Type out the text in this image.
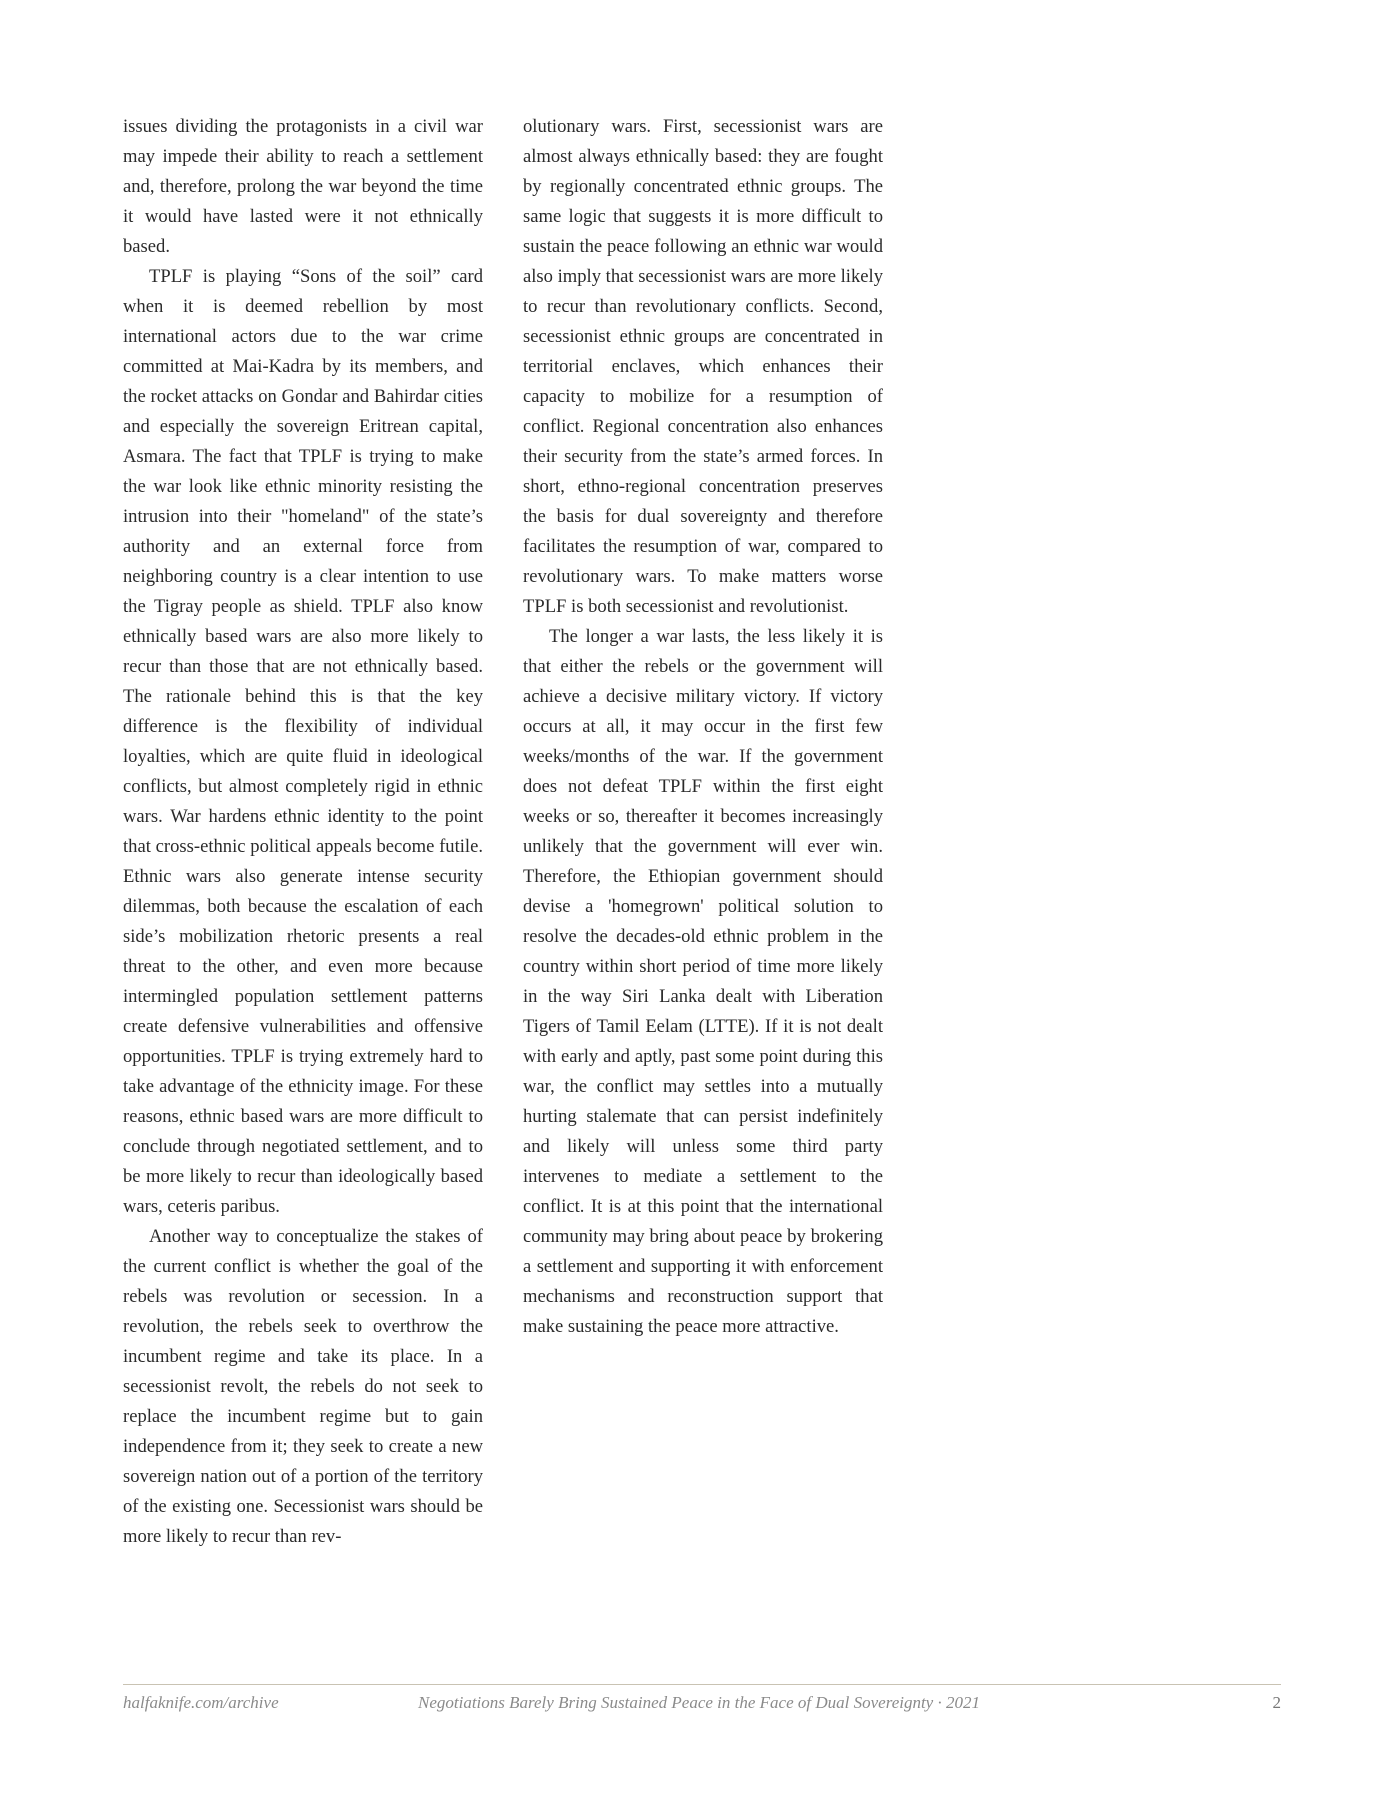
issues dividing the protagonists in a civil war may impede their ability to reach a settlement and, therefore, prolong the war beyond the time it would have lasted were it not ethnically based.

TPLF is playing “Sons of the soil” card when it is deemed rebellion by most international actors due to the war crime committed at Mai-Kadra by its members, and the rocket attacks on Gondar and Bahirdar cities and especially the sovereign Eritrean capital, Asmara. The fact that TPLF is trying to make the war look like ethnic minority resisting the intrusion into their "homeland" of the state’s authority and an external force from neighboring country is a clear intention to use the Tigray people as shield. TPLF also know ethnically based wars are also more likely to recur than those that are not ethnically based. The rationale behind this is that the key difference is the flexibility of individual loyalties, which are quite fluid in ideological conflicts, but almost completely rigid in ethnic wars. War hardens ethnic identity to the point that cross-ethnic political appeals become futile. Ethnic wars also generate intense security dilemmas, both because the escalation of each side’s mobilization rhetoric presents a real threat to the other, and even more because intermingled population settlement patterns create defensive vulnerabilities and offensive opportunities. TPLF is trying extremely hard to take advantage of the ethnicity image. For these reasons, ethnic based wars are more difficult to conclude through negotiated settlement, and to be more likely to recur than ideologically based wars, ceteris paribus.

Another way to conceptualize the stakes of the current conflict is whether the goal of the rebels was revolution or secession. In a revolution, the rebels seek to overthrow the incumbent regime and take its place. In a secessionist revolt, the rebels do not seek to replace the incumbent regime but to gain independence from it; they seek to create a new sovereign nation out of a portion of the territory of the existing one. Secessionist wars should be more likely to recur than rev-

olutionary wars. First, secessionist wars are almost always ethnically based: they are fought by regionally concentrated ethnic groups. The same logic that suggests it is more difficult to sustain the peace following an ethnic war would also imply that secessionist wars are more likely to recur than revolutionary conflicts. Second, secessionist ethnic groups are concentrated in territorial enclaves, which enhances their capacity to mobilize for a resumption of conflict. Regional concentration also enhances their security from the state’s armed forces. In short, ethno-regional concentration preserves the basis for dual sovereignty and therefore facilitates the resumption of war, compared to revolutionary wars. To make matters worse TPLF is both secessionist and revolutionist.

The longer a war lasts, the less likely it is that either the rebels or the government will achieve a decisive military victory. If victory occurs at all, it may occur in the first few weeks/months of the war. If the government does not defeat TPLF within the first eight weeks or so, thereafter it becomes increasingly unlikely that the government will ever win. Therefore, the Ethiopian government should devise a 'homegrown' political solution to resolve the decades-old ethnic problem in the country within short period of time more likely in the way Siri Lanka dealt with Liberation Tigers of Tamil Eelam (LTTE). If it is not dealt with early and aptly, past some point during this war, the conflict may settles into a mutually hurting stalemate that can persist indefinitely and likely will unless some third party intervenes to mediate a settlement to the conflict. It is at this point that the international community may bring about peace by brokering a settlement and supporting it with enforcement mechanisms and reconstruction support that make sustaining the peace more attractive.

halfaknife.com/archive	Negotiations Barely Bring Sustained Peace in the Face of Dual Sovereignty · 2021	2
